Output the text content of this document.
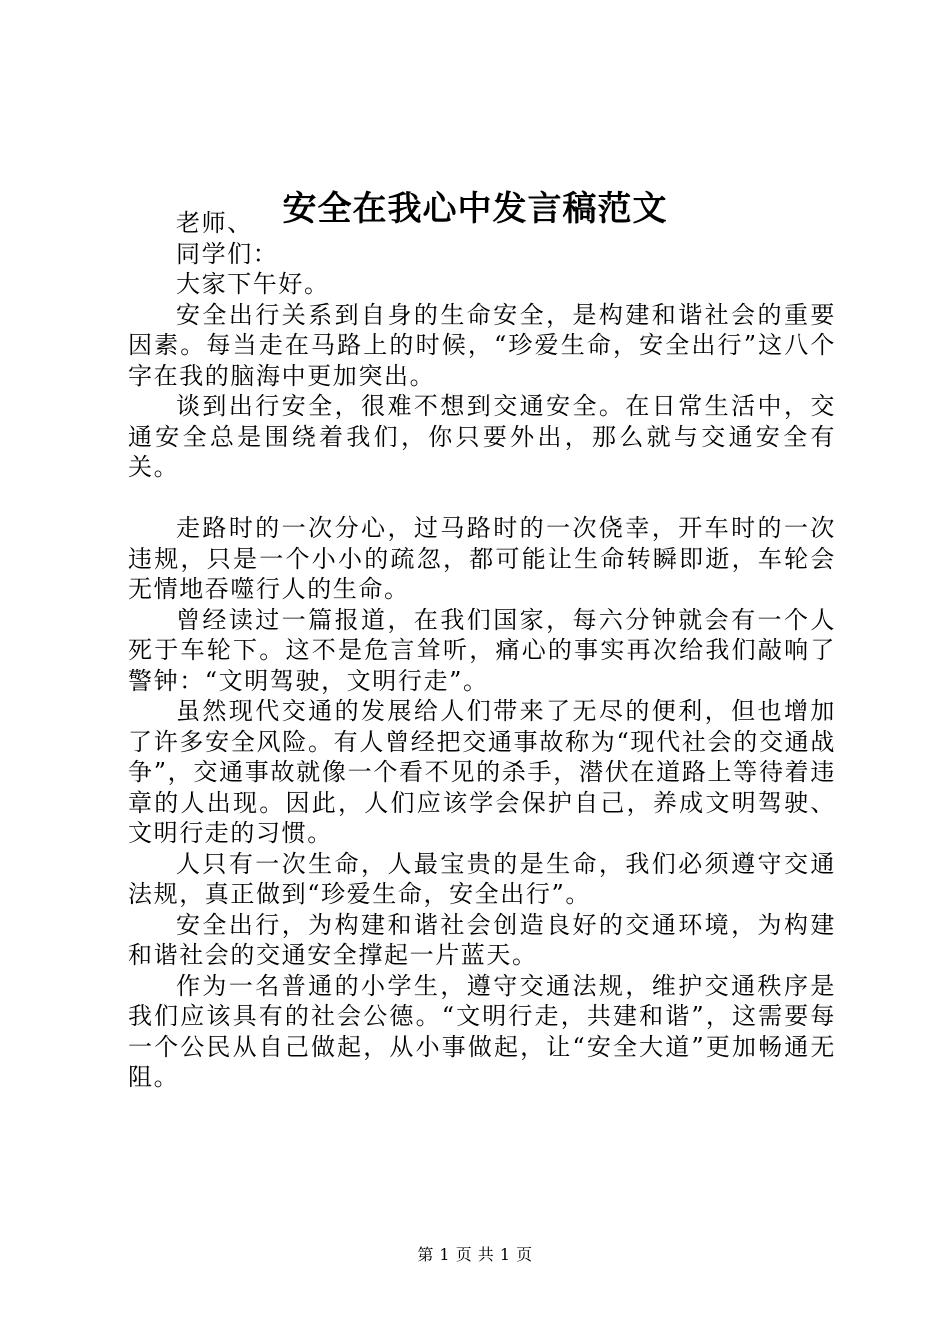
安全在我心中发言稿范文

老师、

同学们：

大家下午好。

安全出行关系到自身的生命安全，是构建和谐社会的重要因素。每当走在马路上的时候，“珍爱生命，安全出行”这八个字在我的脑海中更加突出。

谈到出行安全，很难不想到交通安全。在日常生活中，交通安全总是围绕着我们，你只要外出，那么就与交通安全有关。

走路时的一次分心，过马路时的一次侥幸，开车时的一次违规，只是一个小小的疏忽，都可能让生命转瞬即逝，车轮会无情地吞噬行人的生命。

曾经读过一篇报道，在我们国家，每六分钟就会有一个人死于车轮下。这不是危言耸听，痛心的事实再次给我们敲响了警钟：“文明驾驶，文明行走”。

虽然现代交通的发展给人们带来了无尽的便利，但也增加了许多安全风险。有人曾经把交通事故称为“现代社会的交通战争”，交通事故就像一个看不见的杀手，潜伏在道路上等待着违章的人出现。因此，人们应该学会保护自己，养成文明驾驶、文明行走的习惯。

人只有一次生命，人最宝贵的是生命，我们必须遵守交通法规，真正做到“珍爱生命，安全出行”。

安全出行，为构建和谐社会创造良好的交通环境，为构建和谐社会的交通安全撑起一片蓝天。

作为一名普通的小学生，遵守交通法规，维护交通秩序是我们应该具有的社会公德。“文明行走，共建和谐”，这需要每一个公民从自己做起，从小事做起，让“安全大道”更加畅通无阻。

第 1 页 共 1 页
